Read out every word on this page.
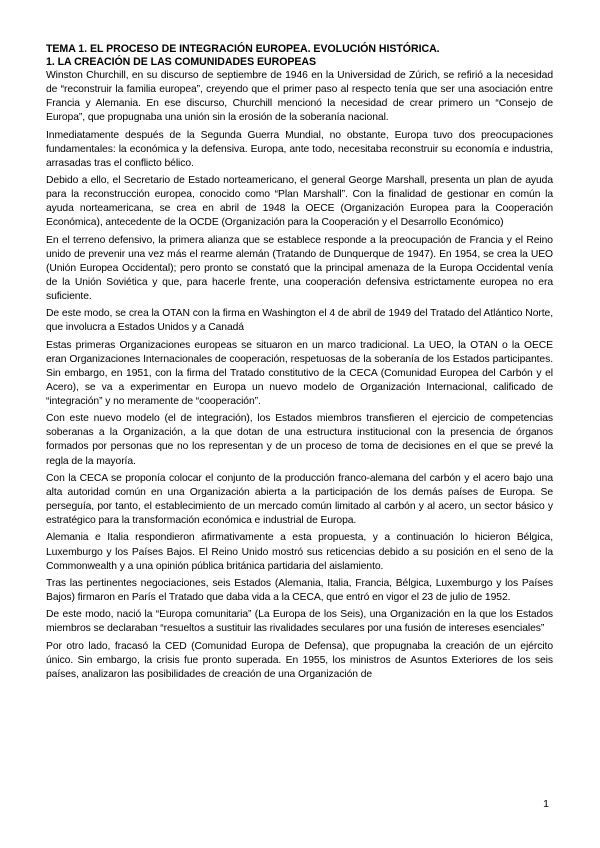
TEMA 1. EL PROCESO DE INTEGRACIÓN EUROPEA. EVOLUCIÓN HISTÓRICA.
1. LA CREACIÓN DE LAS COMUNIDADES EUROPEAS

Winston Churchill, en su discurso de septiembre de 1946 en la Universidad de Zúrich, se refirió a la necesidad de “reconstruir la familia europea”, creyendo que el primer paso al respecto tenía que ser una asociación entre Francia y Alemania. En ese discurso, Churchill mencionó la necesidad de crear primero un “Consejo de Europa”, que propugnaba una unión sin la erosión de la soberanía nacional.

Inmediatamente después de la Segunda Guerra Mundial, no obstante, Europa tuvo dos preocupaciones fundamentales: la económica y la defensiva. Europa, ante todo, necesitaba reconstruir su economía e industria, arrasadas tras el conflicto bélico.

Debido a ello, el Secretario de Estado norteamericano, el general George Marshall, presenta un plan de ayuda para la reconstrucción europea, conocido como “Plan Marshall”. Con la finalidad de gestionar en común la ayuda norteamericana, se crea en abril de 1948 la OECE (Organización Europea para la Cooperación Económica), antecedente de la OCDE (Organización para la Cooperación y el Desarrollo Económico)

En el terreno defensivo, la primera alianza que se establece responde a la preocupación de Francia y el Reino unido de prevenir una vez más el rearme alemán (Tratando de Dunquerque de 1947). En 1954, se crea la UEO (Unión Europea Occidental); pero pronto se constató que la principal amenaza de la Europa Occidental venía de la Unión Soviética y que, para hacerle frente, una cooperación defensiva estrictamente europea no era suficiente.

De este modo, se crea la OTAN con la firma en Washington el 4 de abril de 1949 del Tratado del Atlántico Norte, que involucra a Estados Unidos y a Canadá

Estas primeras Organizaciones europeas se situaron en un marco tradicional. La UEO, la OTAN o la OECE eran Organizaciones Internacionales de cooperación, respetuosas de la soberanía de los Estados participantes. Sin embargo, en 1951, con la firma del Tratado constitutivo de la CECA (Comunidad Europea del Carbón y el Acero), se va a experimentar en Europa un nuevo modelo de Organización Internacional, calificado de “integración” y no meramente de “cooperación”.

Con este nuevo modelo (el de integración), los Estados miembros transfieren el ejercicio de competencias soberanas a la Organización, a la que dotan de una estructura institucional con la presencia de órganos formados por personas que no los representan y de un proceso de toma de decisiones en el que se prevé la regla de la mayoría.

Con la CECA se proponía colocar el conjunto de la producción franco-alemana del carbón y el acero bajo una alta autoridad común en una Organización abierta a la participación de los demás países de Europa. Se perseguía, por tanto, el establecimiento de un mercado común limitado al carbón y al acero, un sector básico y estratégico para la transformación económica e industrial de Europa.

Alemania e Italia respondieron afirmativamente a esta propuesta, y a continuación lo hicieron Bélgica, Luxemburgo y los Países Bajos. El Reino Unido mostró sus reticencias debido a su posición en el seno de la Commonwealth y a una opinión pública británica partidaria del aislamiento.

Tras las pertinentes negociaciones, seis Estados (Alemania, Italia, Francia, Bélgica, Luxemburgo y los Países Bajos) firmaron en París el Tratado que daba vida a la CECA, que entró en vigor el 23 de julio de 1952.

De este modo, nació la “Europa comunitaria” (La Europa de los Seis), una Organización en la que los Estados miembros se declaraban “resueltos a sustituir las rivalidades seculares por una fusión de intereses esenciales”

Por otro lado, fracasó la CED (Comunidad Europa de Defensa), que propugnaba la creación de un ejército único. Sin embargo, la crisis fue pronto superada. En 1955, los ministros de Asuntos Exteriores de los seis países, analizaron las posibilidades de creación de una Organización de

1
